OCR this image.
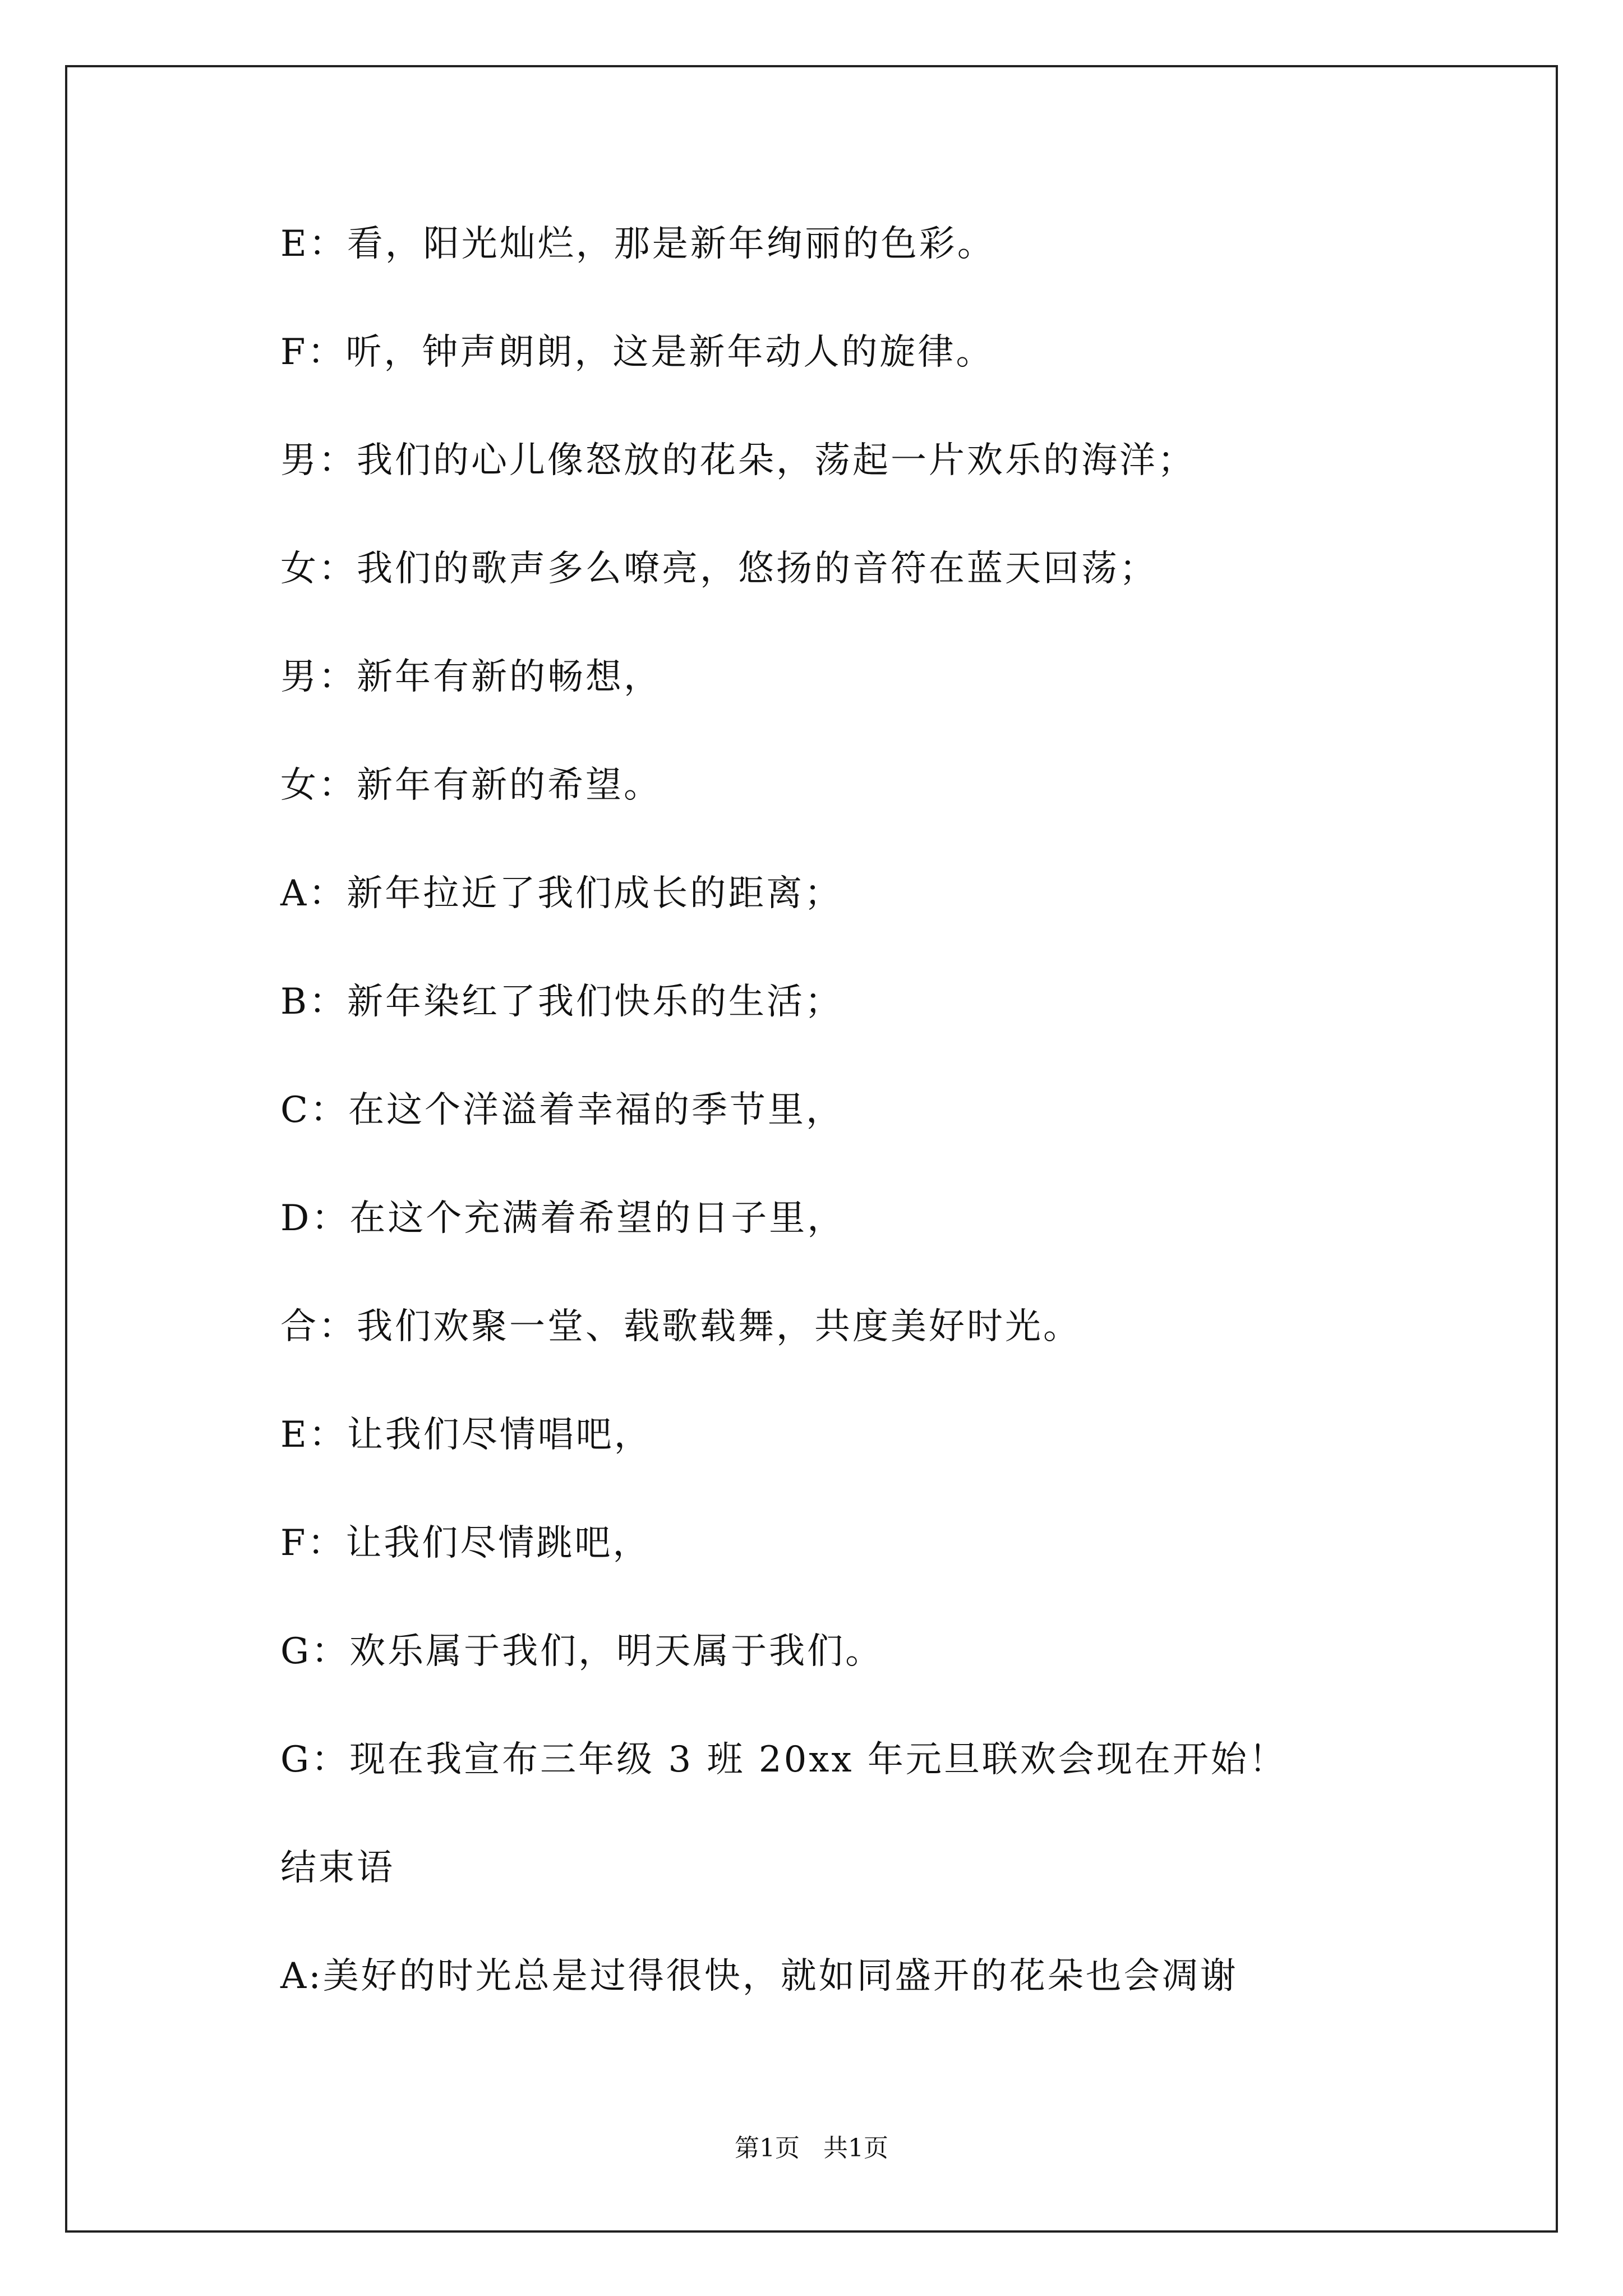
E：看，阳光灿烂，那是新年绚丽的色彩。
F：听，钟声朗朗，这是新年动人的旋律。
男：我们的心儿像怒放的花朵，荡起一片欢乐的海洋；
女：我们的歌声多么嘹亮，悠扬的音符在蓝天回荡；
男：新年有新的畅想，
女：新年有新的希望。
A：新年拉近了我们成长的距离；
B：新年染红了我们快乐的生活；
C：在这个洋溢着幸福的季节里，
D：在这个充满着希望的日子里，
合：我们欢聚一堂、载歌载舞，共度美好时光。
E：让我们尽情唱吧，
F：让我们尽情跳吧，
G：欢乐属于我们，明天属于我们。
G：现在我宣布三年级 3 班 20xx 年元旦联欢会现在开始！
结束语
A:美好的时光总是过得很快，就如同盛开的花朵也会凋谢
第1页 共1页
